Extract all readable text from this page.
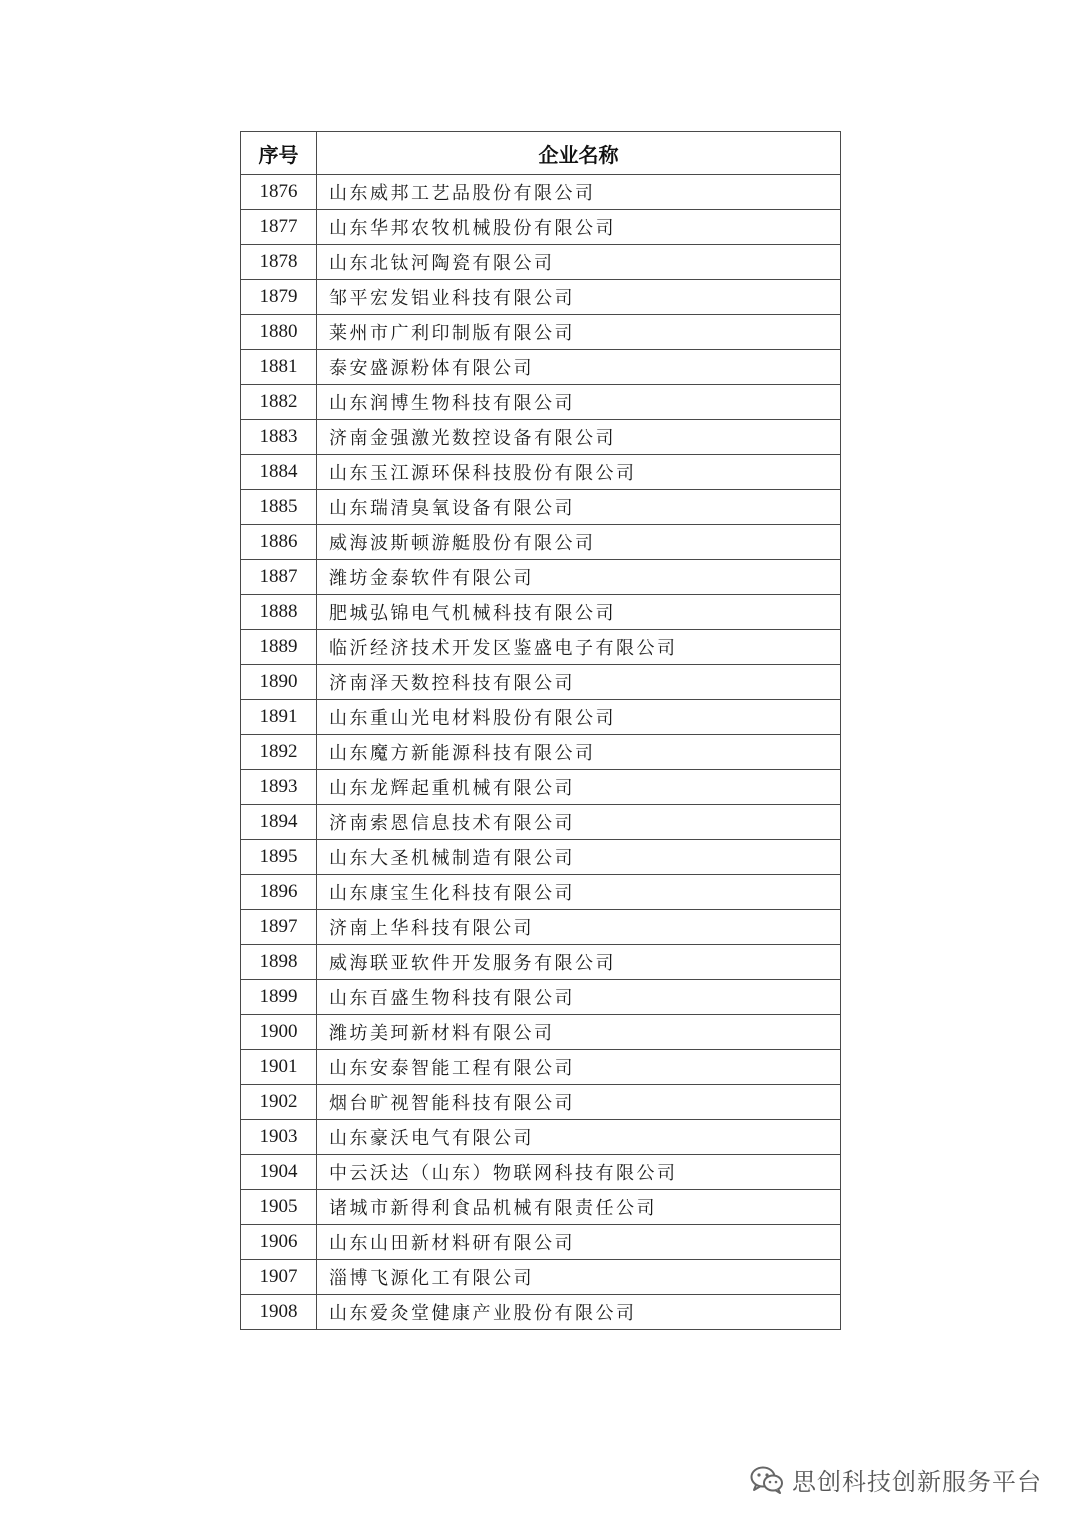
序号	企业名称
1876	山东威邦工艺品股份有限公司
1877	山东华邦农牧机械股份有限公司
1878	山东北钛河陶瓷有限公司
1879	邹平宏发铝业科技有限公司
1880	莱州市广利印制版有限公司
1881	泰安盛源粉体有限公司
1882	山东润博生物科技有限公司
1883	济南金强激光数控设备有限公司
1884	山东玉江源环保科技股份有限公司
1885	山东瑞清臭氧设备有限公司
1886	威海波斯顿游艇股份有限公司
1887	潍坊金泰软件有限公司
1888	肥城弘锦电气机械科技有限公司
1889	临沂经济技术开发区鉴盛电子有限公司
1890	济南泽天数控科技有限公司
1891	山东重山光电材料股份有限公司
1892	山东魔方新能源科技有限公司
1893	山东龙辉起重机械有限公司
1894	济南索恩信息技术有限公司
1895	山东大圣机械制造有限公司
1896	山东康宝生化科技有限公司
1897	济南上华科技有限公司
1898	威海联亚软件开发服务有限公司
1899	山东百盛生物科技有限公司
1900	潍坊美珂新材料有限公司
1901	山东安泰智能工程有限公司
1902	烟台旷视智能科技有限公司
1903	山东豪沃电气有限公司
1904	中云沃达（山东）物联网科技有限公司
1905	诸城市新得利食品机械有限责任公司
1906	山东山田新材料研有限公司
1907	淄博飞源化工有限公司
1908	山东爱灸堂健康产业股份有限公司
思创科技创新服务平台
